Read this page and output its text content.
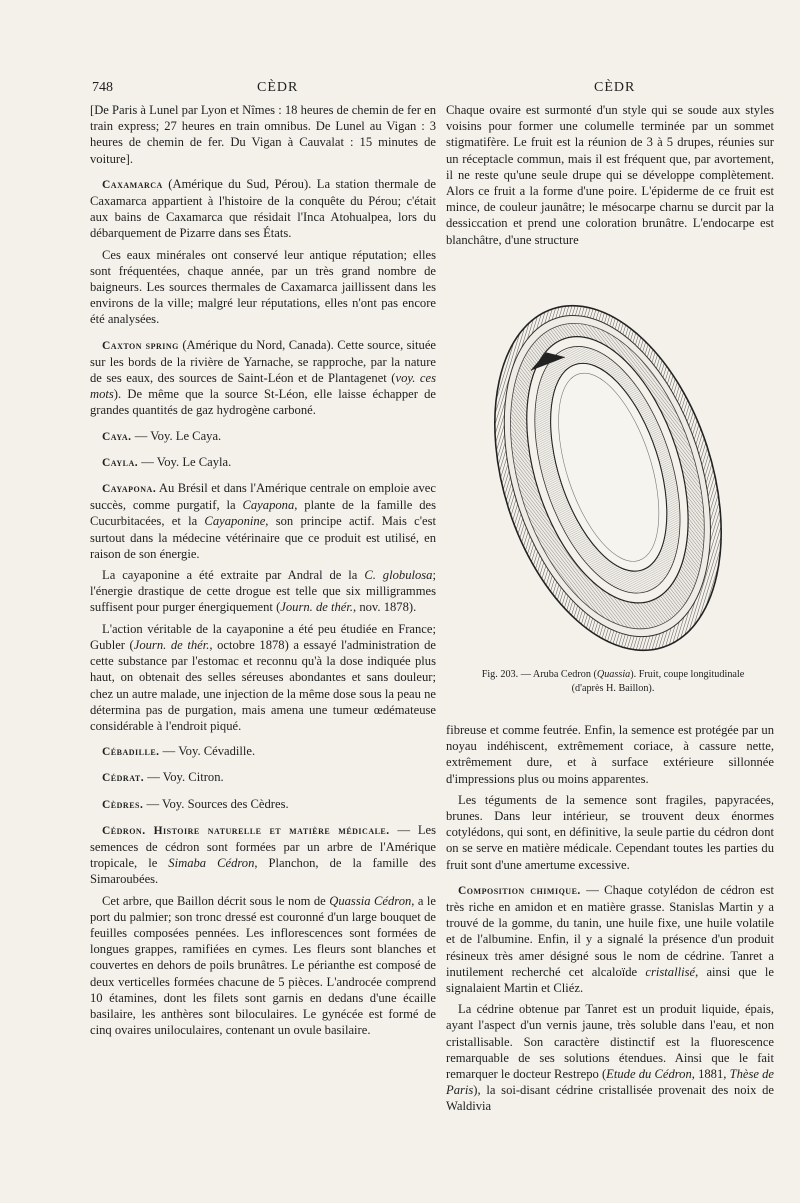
748	CÈDR	CÈDR

[De Paris à Lunel par Lyon et Nîmes : 18 heures de chemin de fer en train express; 27 heures en train omnibus. De Lunel au Vigan : 3 heures de chemin de fer. Du Vigan à Cauvalat : 15 minutes de voiture].

Caxamarca (Amérique du Sud, Pérou). La station thermale de Caxamarca appartient à l'histoire de la conquête du Pérou; c'était aux bains de Caxamarca que résidait l'Inca Atohualpea, lors du débarquement de Pizarre dans ses États.

Ces eaux minérales ont conservé leur antique réputation; elles sont fréquentées, chaque année, par un très grand nombre de baigneurs. Les sources thermales de Caxamarca jaillissent dans les environs de la ville; malgré leur réputations, elles n'ont pas encore été analysées.

Caxton spring (Amérique du Nord, Canada). Cette source, située sur les bords de la rivière de Yarnache, se rapproche, par la nature de ses eaux, des sources de Saint-Léon et de Plantagenet (voy. ces mots). De même que la source St-Léon, elle laisse échapper de grandes quantités de gaz hydrogène carboné.

Caya. — Voy. Le Caya.

Cayla. — Voy. Le Cayla.

Cayapona. Au Brésil et dans l'Amérique centrale on emploie avec succès, comme purgatif, la Cayapona, plante de la famille des Cucurbitacées, et la Cayaponine, son principe actif. Mais c'est surtout dans la médecine vétérinaire que ce produit est utilisé, en raison de son énergie.

La cayaponine a été extraite par Andral de la C. globulosa; l'énergie drastique de cette drogue est telle que six milligrammes suffisent pour purger énergiquement (Journ. de thér., nov. 1878).

L'action véritable de la cayaponine a été peu étudiée en France; Gubler (Journ. de thér., octobre 1878) a essayé l'administration de cette substance par l'estomac et reconnu qu'à la dose indiquée plus haut, on obtenait des selles séreuses abondantes et sans douleur; chez un autre malade, une injection de la même dose sous la peau ne détermina pas de purgation, mais amena une tumeur œdémateuse considérable à l'endroit piqué.

Cébadille. — Voy. Cévadille.

Cédrat. — Voy. Citron.

Cèdres. — Voy. Sources des Cèdres.

Cédron. Histoire naturelle et matière médicale. — Les semences de cédron sont formées par un arbre de l'Amérique tropicale, le Simaba Cédron, Planchon, de la famille des Simaroubées.

Cet arbre, que Baillon décrit sous le nom de Quassia Cédron, a le port du palmier; son tronc dressé est couronné d'un large bouquet de feuilles composées pennées. Les inflorescences sont formées de longues grappes, ramifiées en cymes. Les fleurs sont blanches et couvertes en dehors de poils brunâtres. Le périanthe est composé de deux verticelles formées chacune de 5 pièces. L'androcée comprend 10 étamines, dont les filets sont garnis en dedans d'une écaille basilaire, les anthères sont biloculaires. Le gynécée est formé de cinq ovaires uniloculaires, contenant un ovule basilaire.

Chaque ovaire est surmonté d'un style qui se soude aux styles voisins pour former une columelle terminée par un sommet stigmatifère. Le fruit est la réunion de 3 à 5 drupes, réunies sur un réceptacle commun, mais il est fréquent que, par avortement, il ne reste qu'une seule drupe qui se développe complètement. Alors ce fruit a la forme d'une poire. L'épiderme de ce fruit est mince, de couleur jaunâtre; le mésocarpe charnu se durcit par la dessiccation et prend une coloration brunâtre. L'endocarpe est blanchâtre, d'une structure

Fig. 203. — Aruba Cedron (Quassia). Fruit, coupe longitudinale
(d'après H. Baillon).

fibreuse et comme feutrée. Enfin, la semence est protégée par un noyau indéhiscent, extrêmement coriace, à cassure nette, extrêmement dure, et à surface extérieure sillonnée d'impressions plus ou moins apparentes.

Les téguments de la semence sont fragiles, papyracées, brunes. Dans leur intérieur, se trouvent deux énormes cotylédons, qui sont, en définitive, la seule partie du cédron dont on se serve en matière médicale. Cependant toutes les parties du fruit sont d'une amertume excessive.

Composition chimique. — Chaque cotylédon de cédron est très riche en amidon et en matière grasse. Stanislas Martin y a trouvé de la gomme, du tanin, une huile fixe, une huile volatile et de l'albumine. Enfin, il y a signalé la présence d'un produit résineux très amer désigné sous le nom de cédrine. Tanret a inutilement recherché cet alcaloïde cristallisé, ainsi que le signalaient Martin et Cliéz.

La cédrine obtenue par Tanret est un produit liquide, épais, ayant l'aspect d'un vernis jaune, très soluble dans l'eau, et non cristallisable. Son caractère distinctif est la fluorescence remarquable de ses solutions étendues. Ainsi que le fait remarquer le docteur Restrepo (Etude du Cédron, 1881, Thèse de Paris), la soi-disant cédrine cristallisée provenait des noix de Waldivia
